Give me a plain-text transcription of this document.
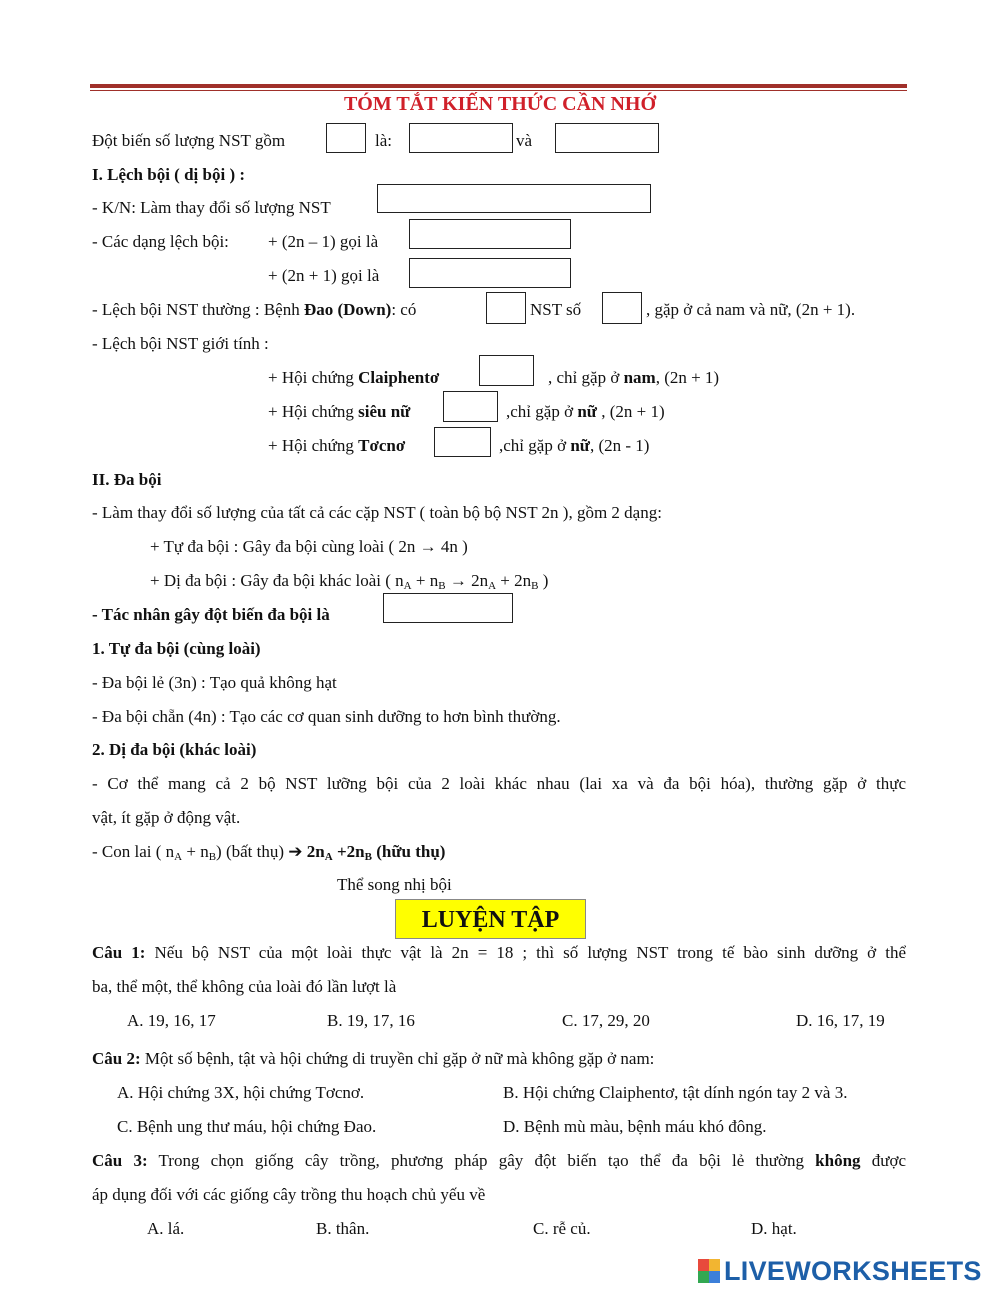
TÓM TẮT KIẾN THỨC CẦN NHỚ
Đột biến số lượng NST gồm	là:	và
I. Lệch bội ( dị bội ) :
- K/N: Làm thay đổi số lượng NST
- Các dạng lệch bội: + (2n – 1) gọi là
+ (2n + 1) gọi là
- Lệch bội NST thường : Bệnh Đao (Down): có	NST số	, gặp ở cả nam và nữ, (2n + 1).
- Lệch bội NST giới tính :
+ Hội chứng Claiphentơ	, chỉ gặp ở nam, (2n + 1)
+ Hội chứng siêu nữ	,chỉ gặp ở nữ , (2n + 1)
+ Hội chứng Tơcnơ	,chỉ gặp ở nữ, (2n - 1)
II. Đa bội
- Làm thay đổi số lượng của tất cả các cặp NST ( toàn bộ bộ NST 2n ), gồm 2 dạng:
+ Tự đa bội : Gây đa bội cùng loài ( 2n → 4n )
+ Dị đa bội : Gây đa bội khác loài ( $n_A + n_B \to 2n_A + 2n_B$ )
- Tác nhân gây đột biến đa bội là
1. Tự đa bội (cùng loài)
- Đa bội lẻ (3n) : Tạo quả không hạt
- Đa bội chẵn (4n) : Tạo các cơ quan sinh dưỡng to hơn bình thường.
2. Dị đa bội (khác loài)
- Cơ thể mang cả 2 bộ NST lưỡng bội của 2 loài khác nhau (lai xa và đa bội hóa), thường gặp ở thực
vật, ít gặp ở động vật.
- Con lai ( $n_A + n_B$) (bất thụ) ➔ $2n_A +2n_B$ (hữu thụ)
Thể song nhị bội
LUYỆN TẬP
Câu 1: Nếu bộ NST của một loài thực vật là 2n = 18 ; thì số lượng NST trong tế bào sinh dưỡng ở thể
ba, thể một, thể không của loài đó lần lượt là
A. 19, 16, 17	B. 19, 17, 16	C. 17, 29, 20	D. 16, 17, 19
Câu 2: Một số bệnh, tật và hội chứng di truyền chỉ gặp ở nữ mà không gặp ở nam:
A. Hội chứng 3X, hội chứng Tơcnơ.	B. Hội chứng Claiphentơ, tật dính ngón tay 2 và 3.
C. Bệnh ung thư máu, hội chứng Đao.	D. Bệnh mù màu, bệnh máu khó đông.
Câu 3: Trong chọn giống cây trồng, phương pháp gây đột biến tạo thể đa bội lẻ thường không được
áp dụng đối với các giống cây trồng thu hoạch chủ yếu về
A. lá.	B. thân.	C. rễ củ.	D. hạt.
LIVEWORKSHEETS
